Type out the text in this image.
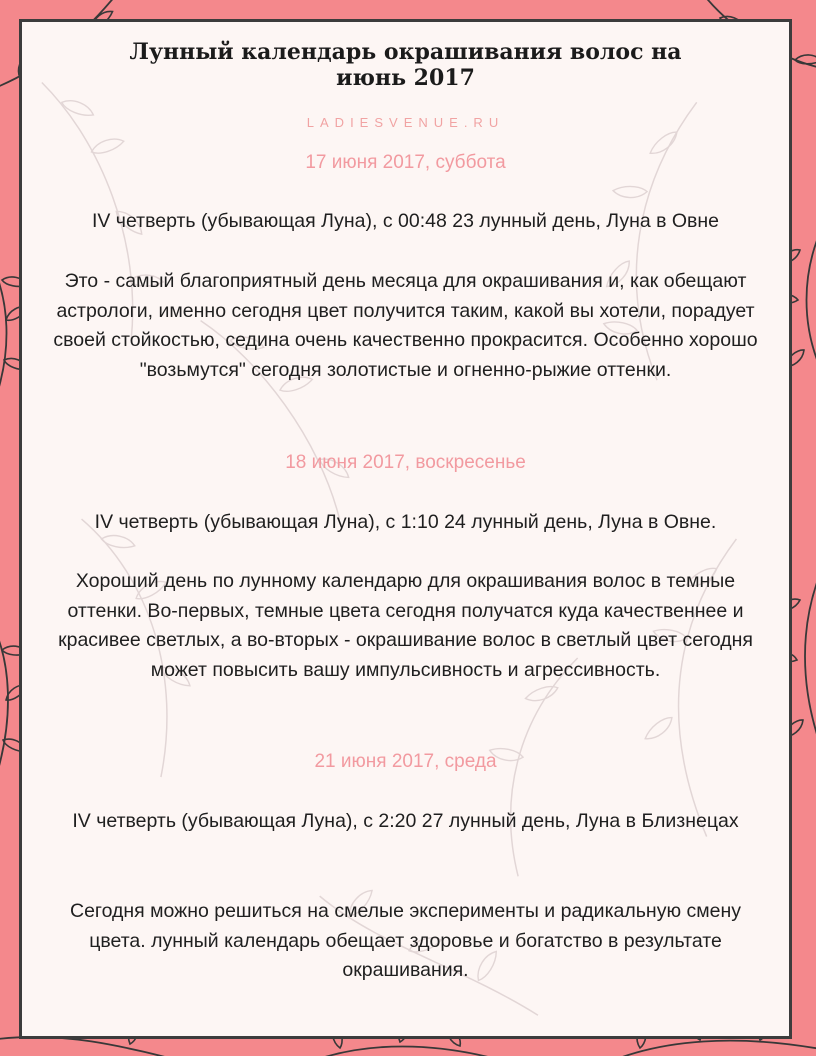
Лунный календарь окрашивания волос на
июнь 2017
LADIESVENUE.RU
17 июня 2017, суббота

IV четверть (убывающая Луна), с 00:48 23 лунный день, Луна в Овне

Это - самый благоприятный день месяца для окрашивания и, как обещают астрологи, именно сегодня цвет получится таким, какой вы хотели, порадует своей стойкостью, седина очень качественно прокрасится. Особенно хорошо "возьмутся" сегодня золотистые и огненно-рыжие оттенки.

18 июня 2017, воскресенье

IV четверть (убывающая Луна), с 1:10 24 лунный день, Луна в Овне.

Хороший день по лунному календарю для окрашивания волос в темные оттенки. Во-первых, темные цвета сегодня получатся куда качественнее и красивее светлых, а во-вторых - окрашивание волос в светлый цвет сегодня может повысить вашу импульсивность и агрессивность.

21 июня 2017, среда

IV четверть (убывающая Луна), с 2:20 27 лунный день, Луна в Близнецах

Сегодня можно решиться на смелые эксперименты и радикальную смену цвета. лунный календарь обещает здоровье и богатство в результате окрашивания.
